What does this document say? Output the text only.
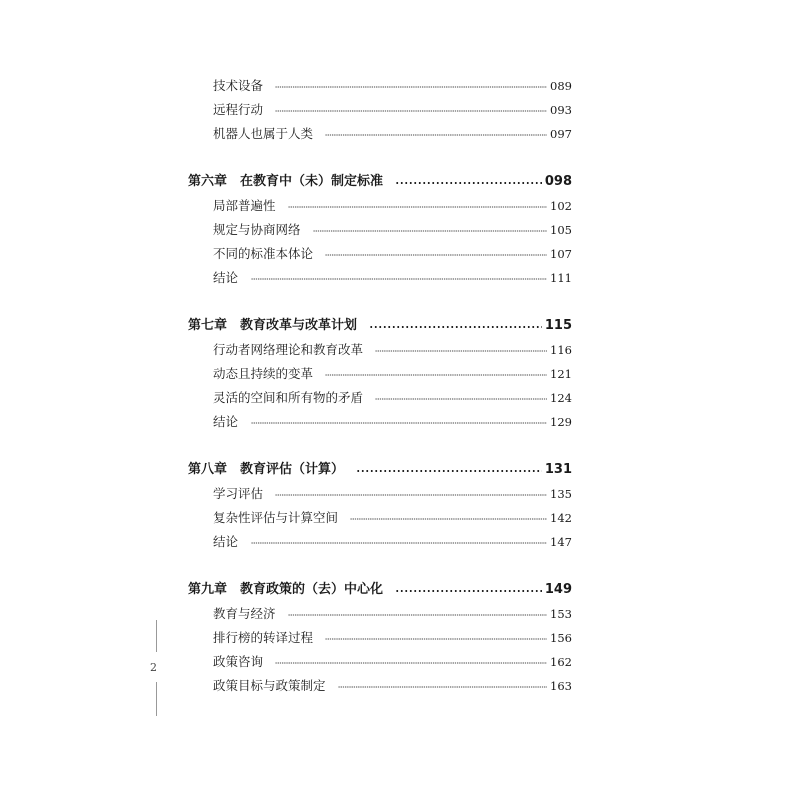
技术设备	089
远程行动	093
机器人也属于人类	097
第六章　在教育中（未）制定标准	098
局部普遍性	102
规定与协商网络	105
不同的标准本体论	107
结论	111
第七章　教育改革与改革计划	115
行动者网络理论和教育改革	116
动态且持续的变革	121
灵活的空间和所有物的矛盾	124
结论	129
第八章　教育评估（计算）	131
学习评估	135
复杂性评估与计算空间	142
结论	147
第九章　教育政策的（去）中心化	149
教育与经济	153
排行榜的转译过程	156
政策咨询	162
政策目标与政策制定	163
2
